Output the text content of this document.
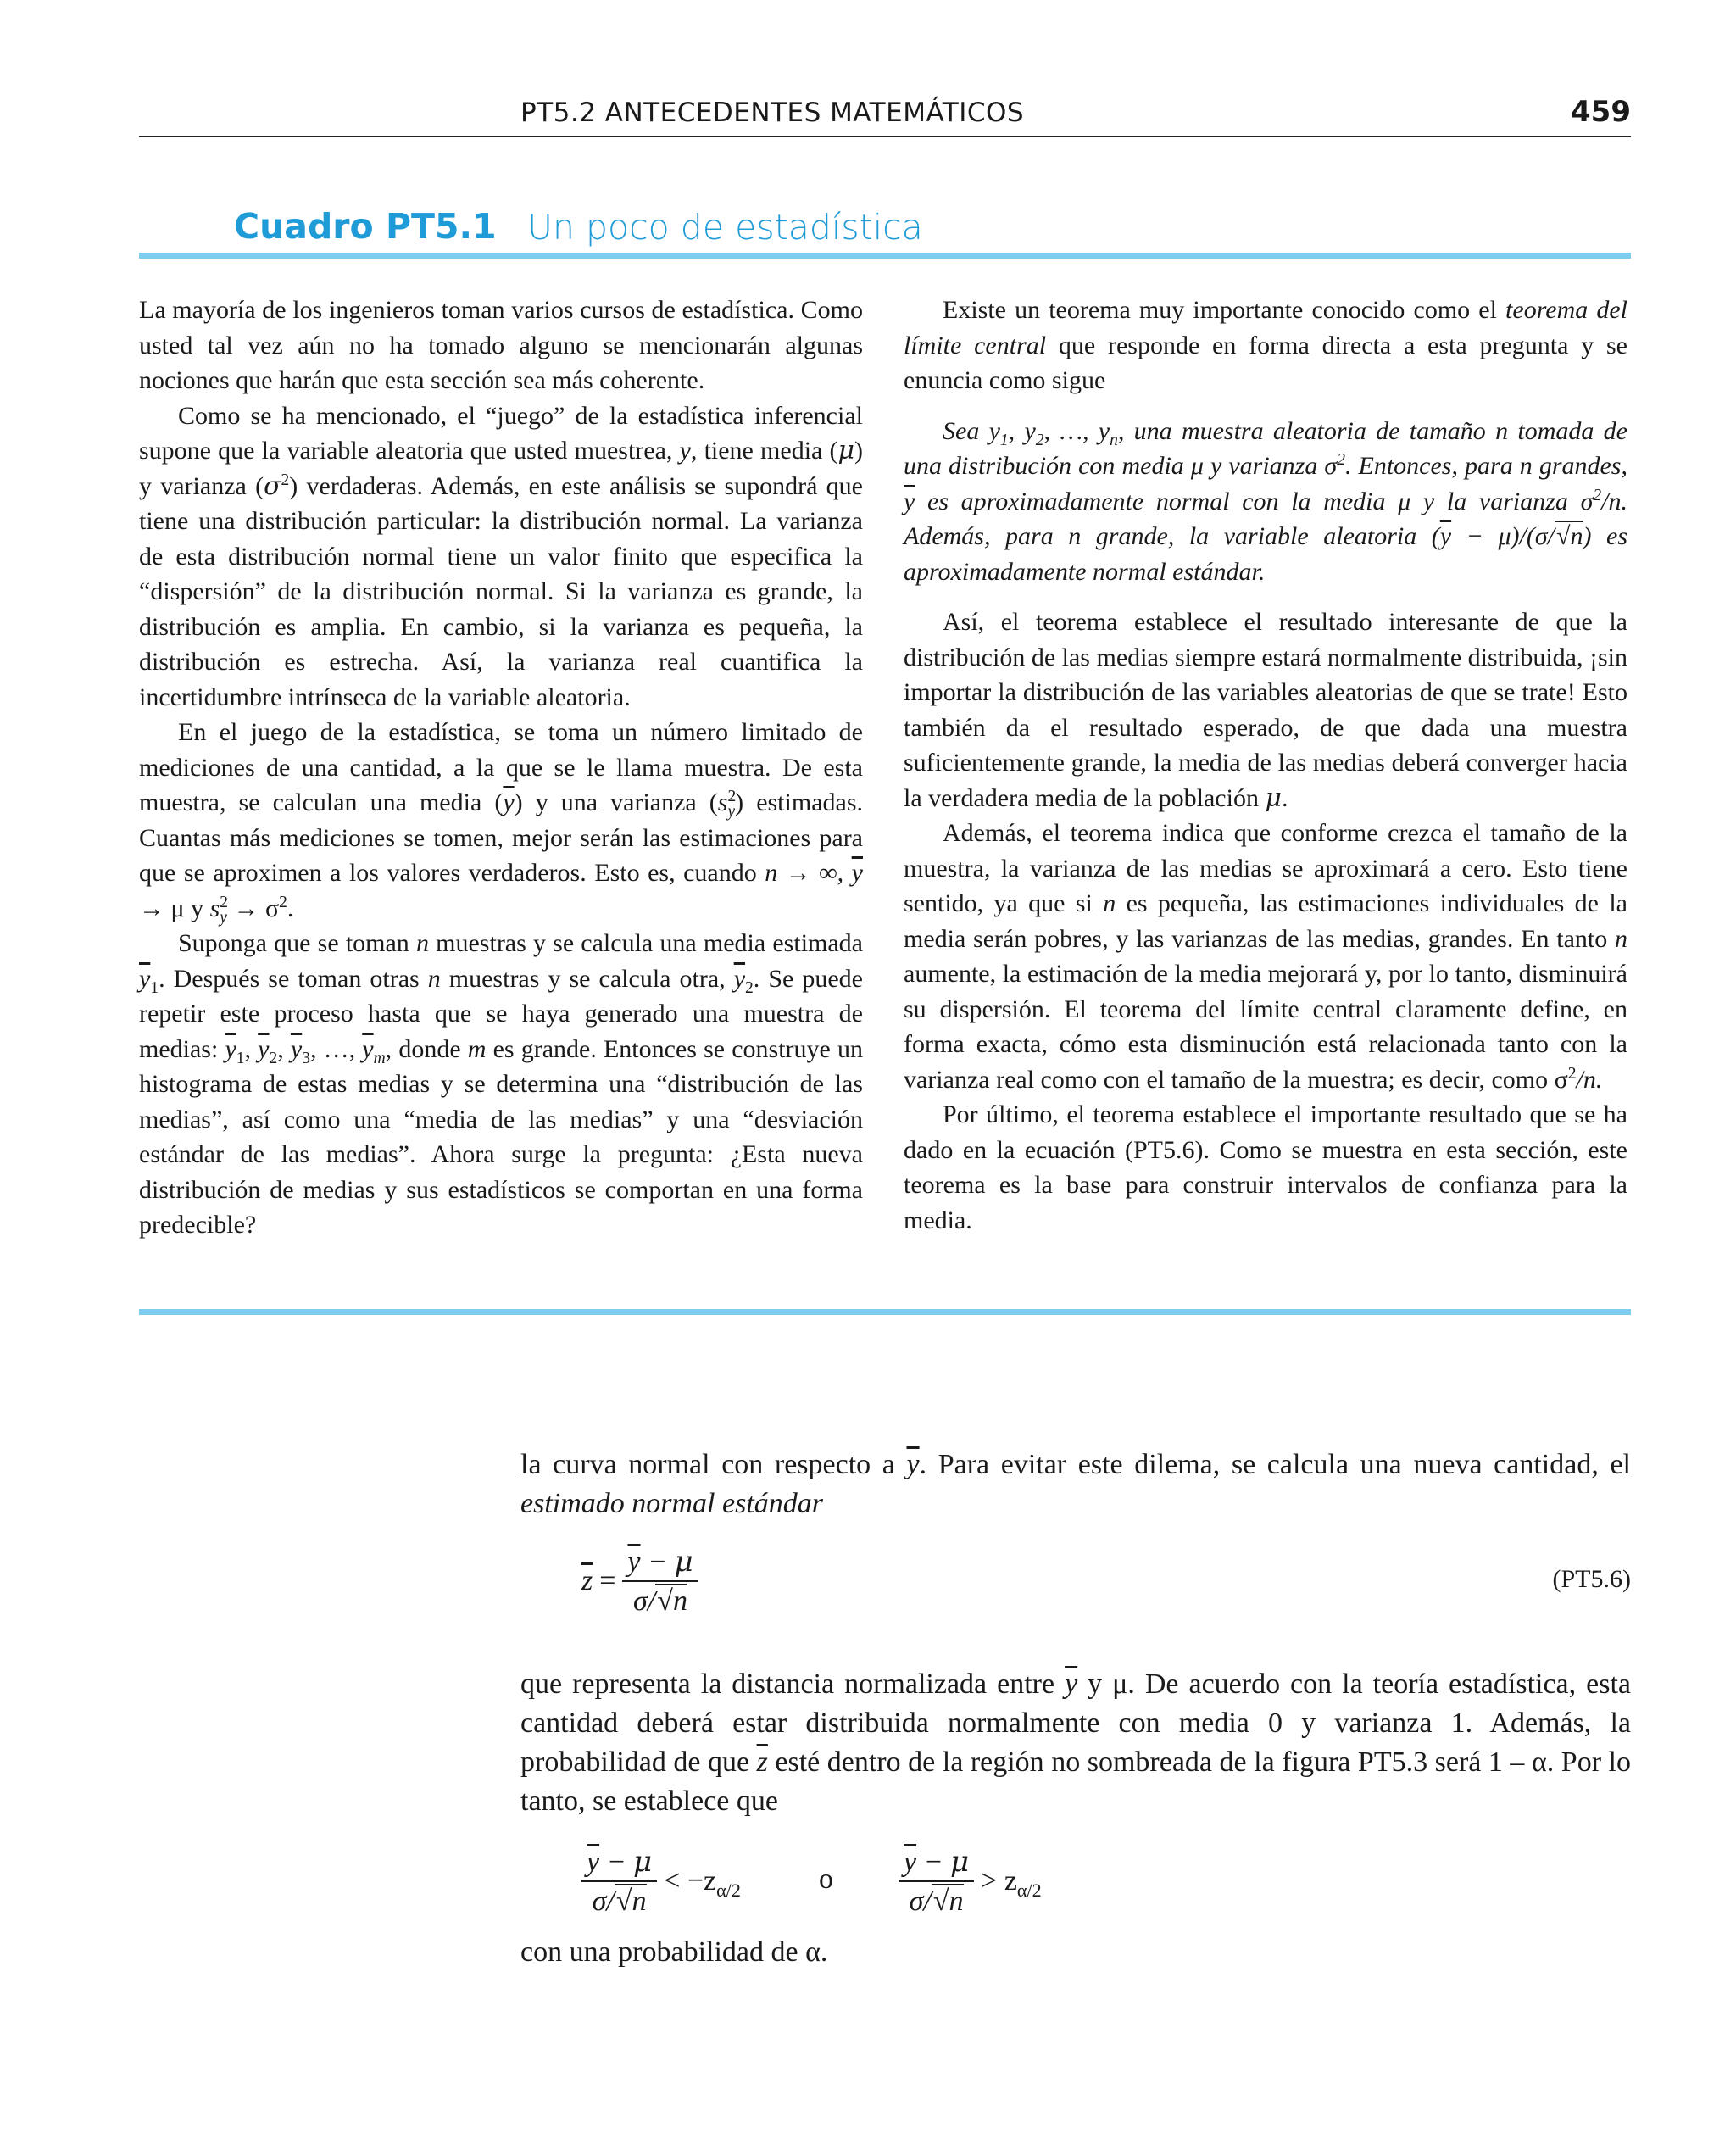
PT5.2 ANTECEDENTES MATEMÁTICOS	459
Cuadro PT5.1 Un poco de estadística

La mayoría de los ingenieros toman varios cursos de estadística. Como usted tal vez aún no ha tomado alguno se mencionarán algunas nociones que harán que esta sección sea más coherente.

Como se ha mencionado, el “juego” de la estadística inferencial supone que la variable aleatoria que usted muestrea, y, tiene media (μ) y varianza $(\sigma^2)$ verdaderas. Además, en este análisis se supondrá que tiene una distribución particular: la distribución normal. La varianza de esta distribución normal tiene un valor finito que especifica la “dispersión” de la distribución normal. Si la varianza es grande, la distribución es amplia. En cambio, si la varianza es pequeña, la distribución es estrecha. Así, la varianza real cuantifica la incertidumbre intrínseca de la variable aleatoria.

En el juego de la estadística, se toma un número limitado de mediciones de una cantidad, a la que se le llama muestra. De esta muestra, se calculan una media $(\overline{y})$ y una varianza $(s^2_y)$ estimadas. Cuantas más mediciones se tomen, mejor serán las estimaciones para que se aproximen a los valores verdaderos. Esto es, cuando n → ∞, $\overline{y} \to \mu$ y $s^2_y \to \sigma^2$.

Suponga que se toman n muestras y se calcula una media estimada $\overline{y}_1$. Después se toman otras n muestras y se calcula otra, $\overline{y}_2$. Se puede repetir este proceso hasta que se haya generado una muestra de medias: $\overline{y}_1$, $\overline{y}_2$, $\overline{y}_3$, …, $\overline{y}_m$, donde m es grande. Entonces se construye un histograma de estas medias y se determina una “distribución de las medias”, así como una “media de las medias” y una “desviación estándar de las medias”. Ahora surge la pregunta: ¿Esta nueva distribución de medias y sus estadísticos se comportan en una forma predecible?

Existe un teorema muy importante conocido como el teorema del límite central que responde en forma directa a esta pregunta y se enuncia como sigue

Sea $y_1$, $y_2$, …, $y_n$, una muestra aleatoria de tamaño n tomada de una distribución con media μ y varianza $\sigma^2$. Entonces, para n grandes, $\overline{y}$ es aproximadamente normal con la media μ y la varianza $\sigma^2/n$. Además, para n grande, la variable aleatoria $(\overline{y} - \mu)/(\sigma/√n)$ es aproximadamente normal estándar.

Así, el teorema establece el resultado interesante de que la distribución de las medias siempre estará normalmente distribuida, ¡sin importar la distribución de las variables aleatorias de que se trate! Esto también da el resultado esperado, de que dada una muestra suficientemente grande, la media de las medias deberá converger hacia la verdadera media de la población μ.

Además, el teorema indica que conforme crezca el tamaño de la muestra, la varianza de las medias se aproximará a cero. Esto tiene sentido, ya que si n es pequeña, las estimaciones individuales de la media serán pobres, y las varianzas de las medias, grandes. En tanto n aumente, la estimación de la media mejorará y, por lo tanto, disminuirá su dispersión. El teorema del límite central claramente define, en forma exacta, cómo esta disminución está relacionada tanto con la varianza real como con el tamaño de la muestra; es decir, como $\sigma^2/n$.

Por último, el teorema establece el importante resultado que se ha dado en la ecuación (PT5.6). Como se muestra en esta sección, este teorema es la base para construir intervalos de confianza para la media.

la curva normal con respecto a $\overline{y}$. Para evitar este dilema, se calcula una nueva cantidad, el estimado normal estándar

$\overline{z} = \frac{\overline{y} - \mu}{\sigma/√n}$	(PT5.6)

que representa la distancia normalizada entre $\overline{y}$ y μ. De acuerdo con la teoría estadística, esta cantidad deberá estar distribuida normalmente con media 0 y varianza 1. Además, la probabilidad de que $\overline{z}$ esté dentro de la región no sombreada de la figura PT5.3 será 1 – α. Por lo tanto, se establece que

$\frac{\overline{y} - \mu}{\sigma/√n} < -z_{\alpha/2}$	o $\frac{\overline{y} - \mu}{\sigma/√n} > z_{\alpha/2}$

con una probabilidad de α.
